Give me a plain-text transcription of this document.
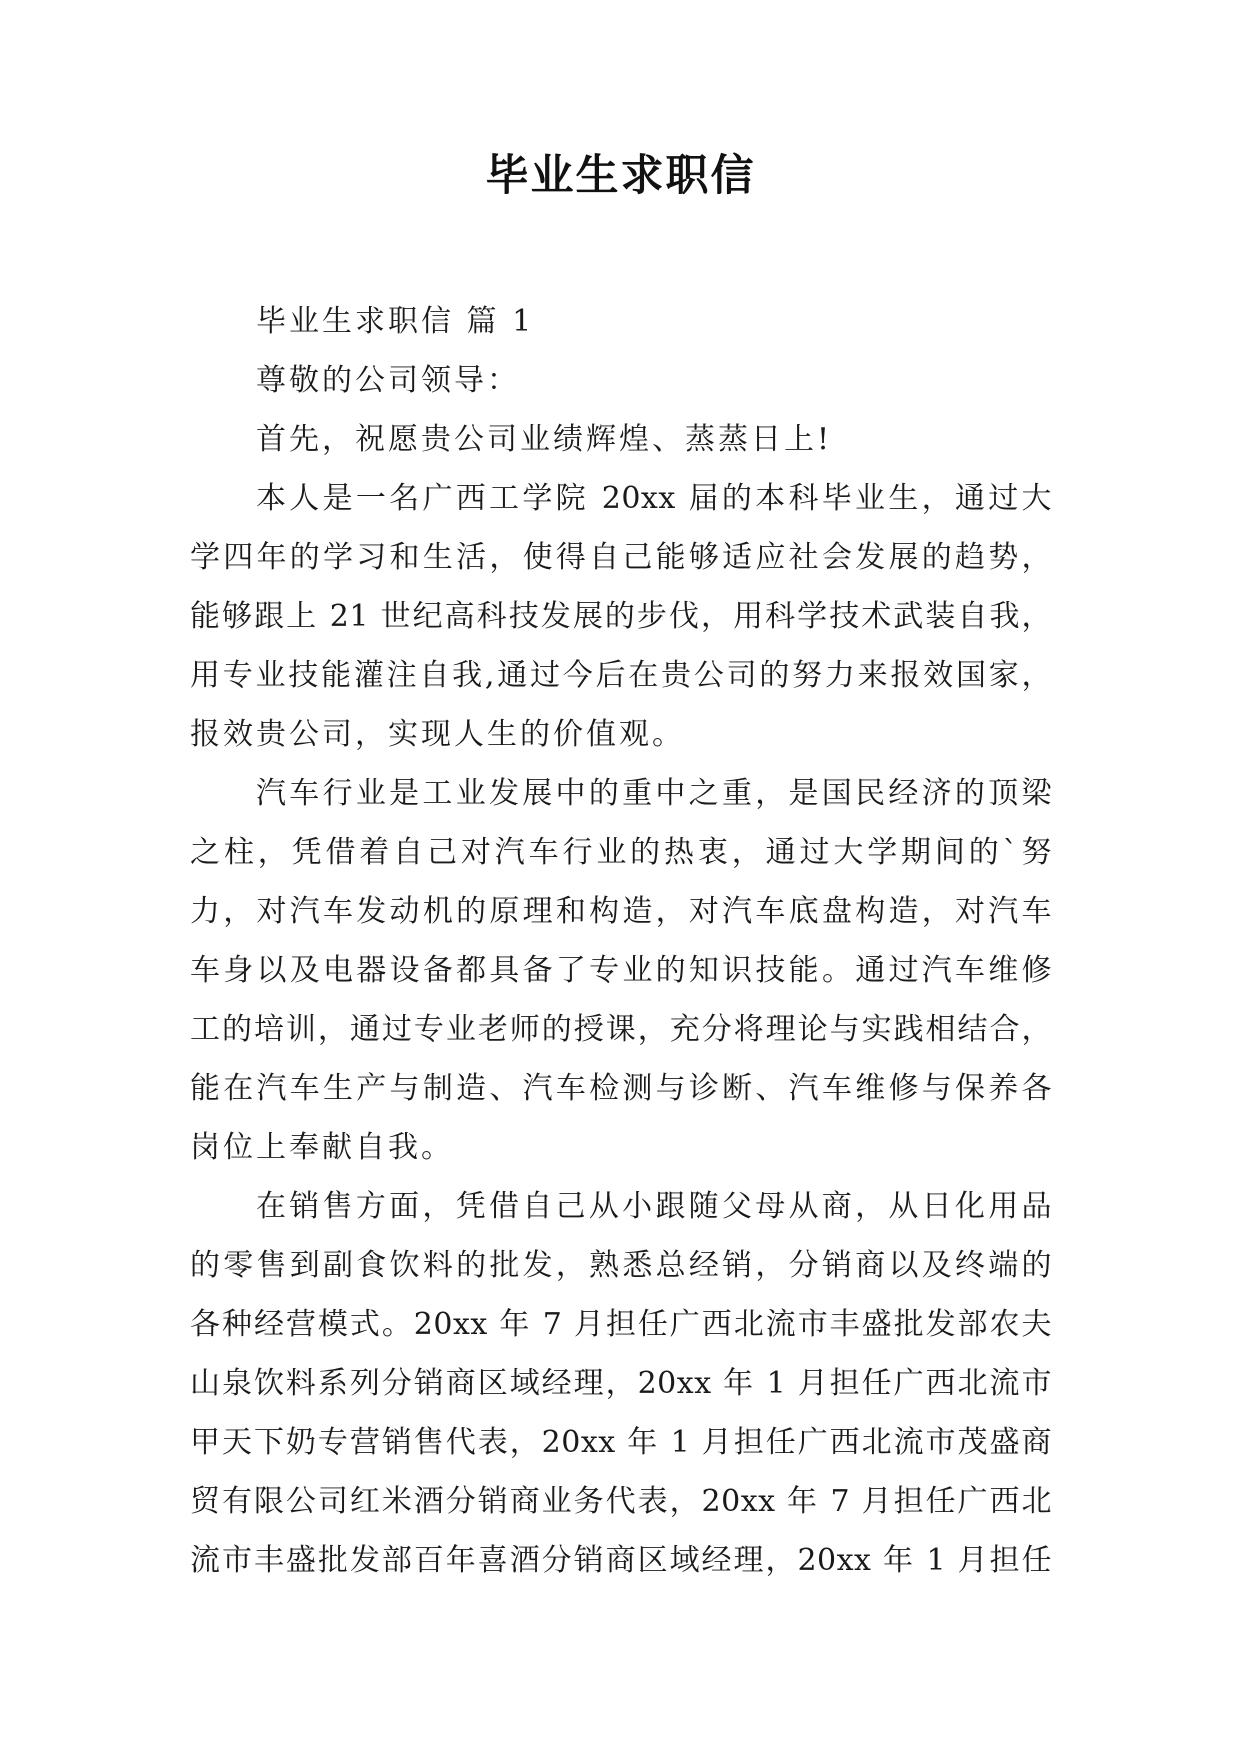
毕业生求职信
毕业生求职信 篇 1
尊敬的公司领导：
首先，祝愿贵公司业绩辉煌、蒸蒸日上!
本人是一名广西工学院 20xx 届的本科毕业生，通过大
学四年的学习和生活，使得自己能够适应社会发展的趋势，
能够跟上 21 世纪高科技发展的步伐，用科学技术武装自我，
用专业技能灌注自我,通过今后在贵公司的努力来报效国家，
报效贵公司，实现人生的价值观。
汽车行业是工业发展中的重中之重，是国民经济的顶梁
之柱，凭借着自己对汽车行业的热衷，通过大学期间的`努
力，对汽车发动机的原理和构造，对汽车底盘构造，对汽车
车身以及电器设备都具备了专业的知识技能。通过汽车维修
工的培训，通过专业老师的授课，充分将理论与实践相结合，
能在汽车生产与制造、汽车检测与诊断、汽车维修与保养各
岗位上奉献自我。
在销售方面，凭借自己从小跟随父母从商，从日化用品
的零售到副食饮料的批发，熟悉总经销，分销商以及终端的
各种经营模式。20xx 年 7 月担任广西北流市丰盛批发部农夫
山泉饮料系列分销商区域经理，20xx 年 1 月担任广西北流市
甲天下奶专营销售代表，20xx 年 1 月担任广西北流市茂盛商
贸有限公司红米酒分销商业务代表，20xx 年 7 月担任广西北
流市丰盛批发部百年喜酒分销商区域经理，20xx 年 1 月担任
